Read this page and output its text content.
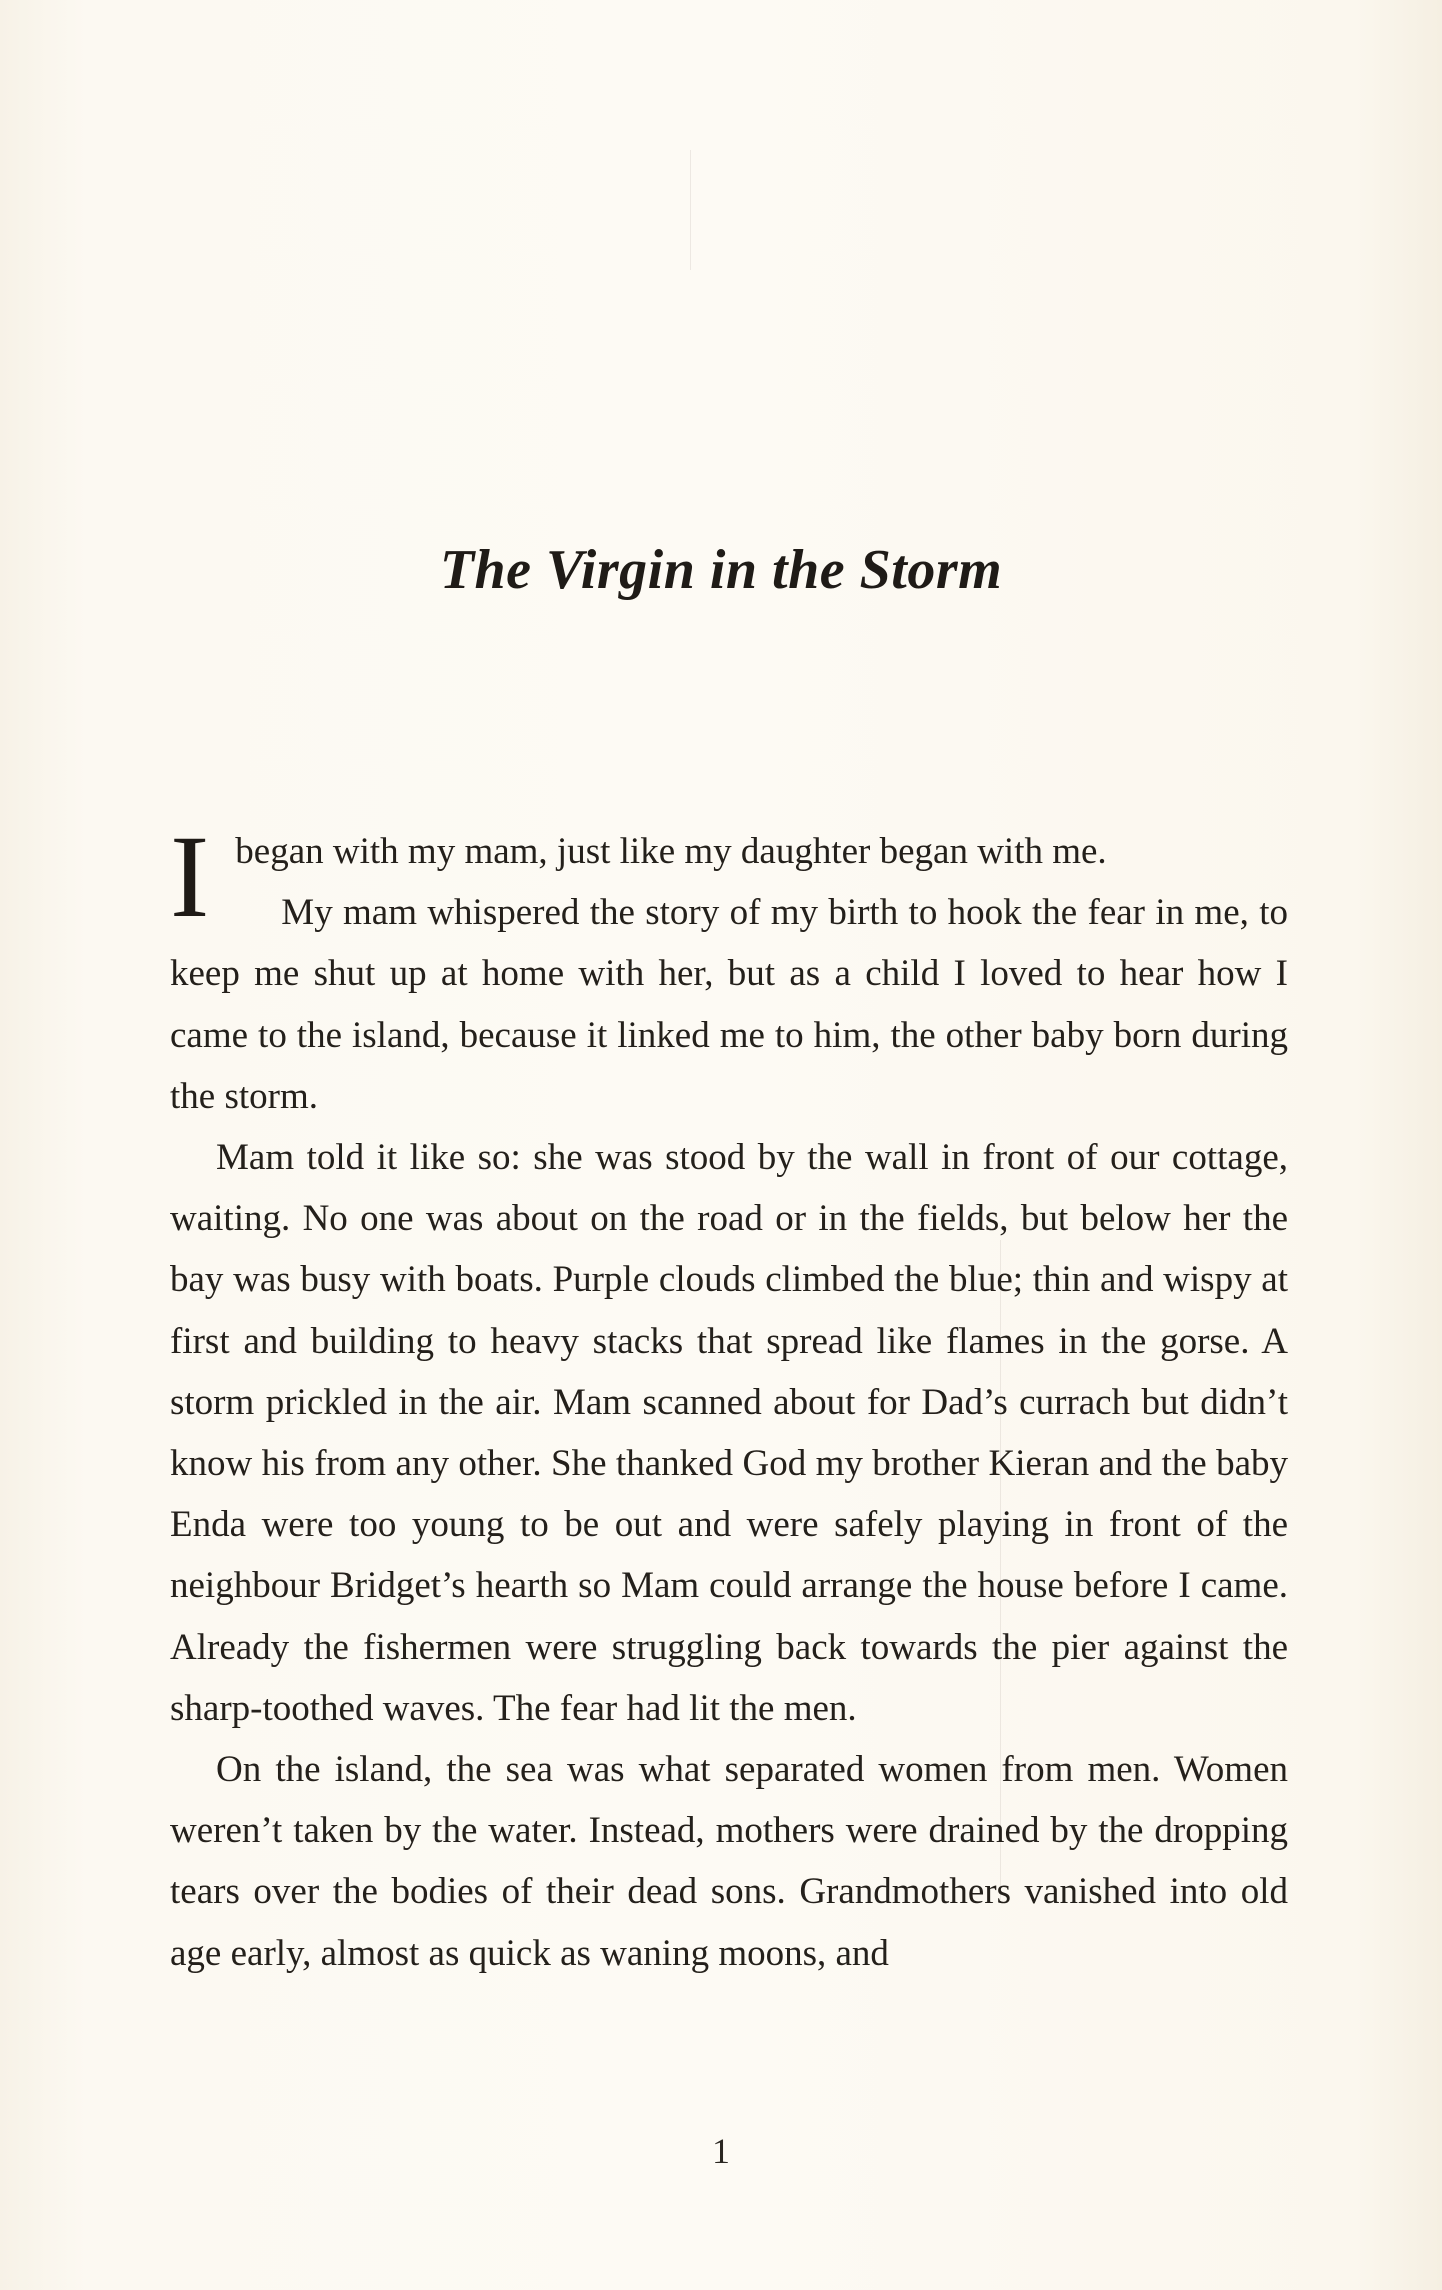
The Virgin in the Storm

I began with my mam, just like my daughter began with me.

My mam whispered the story of my birth to hook the fear in me, to keep me shut up at home with her, but as a child I loved to hear how I came to the island, because it linked me to him, the other baby born during the storm.

Mam told it like so: she was stood by the wall in front of our cottage, waiting. No one was about on the road or in the fields, but below her the bay was busy with boats. Purple clouds climbed the blue; thin and wispy at first and building to heavy stacks that spread like flames in the gorse. A storm prickled in the air. Mam scanned about for Dad’s currach but didn’t know his from any other. She thanked God my brother Kieran and the baby Enda were too young to be out and were safely playing in front of the neighbour Bridget’s hearth so Mam could arrange the house before I came. Already the fishermen were struggling back towards the pier against the sharp-toothed waves. The fear had lit the men.

On the island, the sea was what separated women from men. Women weren’t taken by the water. Instead, mothers were drained by the dropping tears over the bodies of their dead sons. Grandmothers vanished into old age early, almost as quick as waning moons, and

1
